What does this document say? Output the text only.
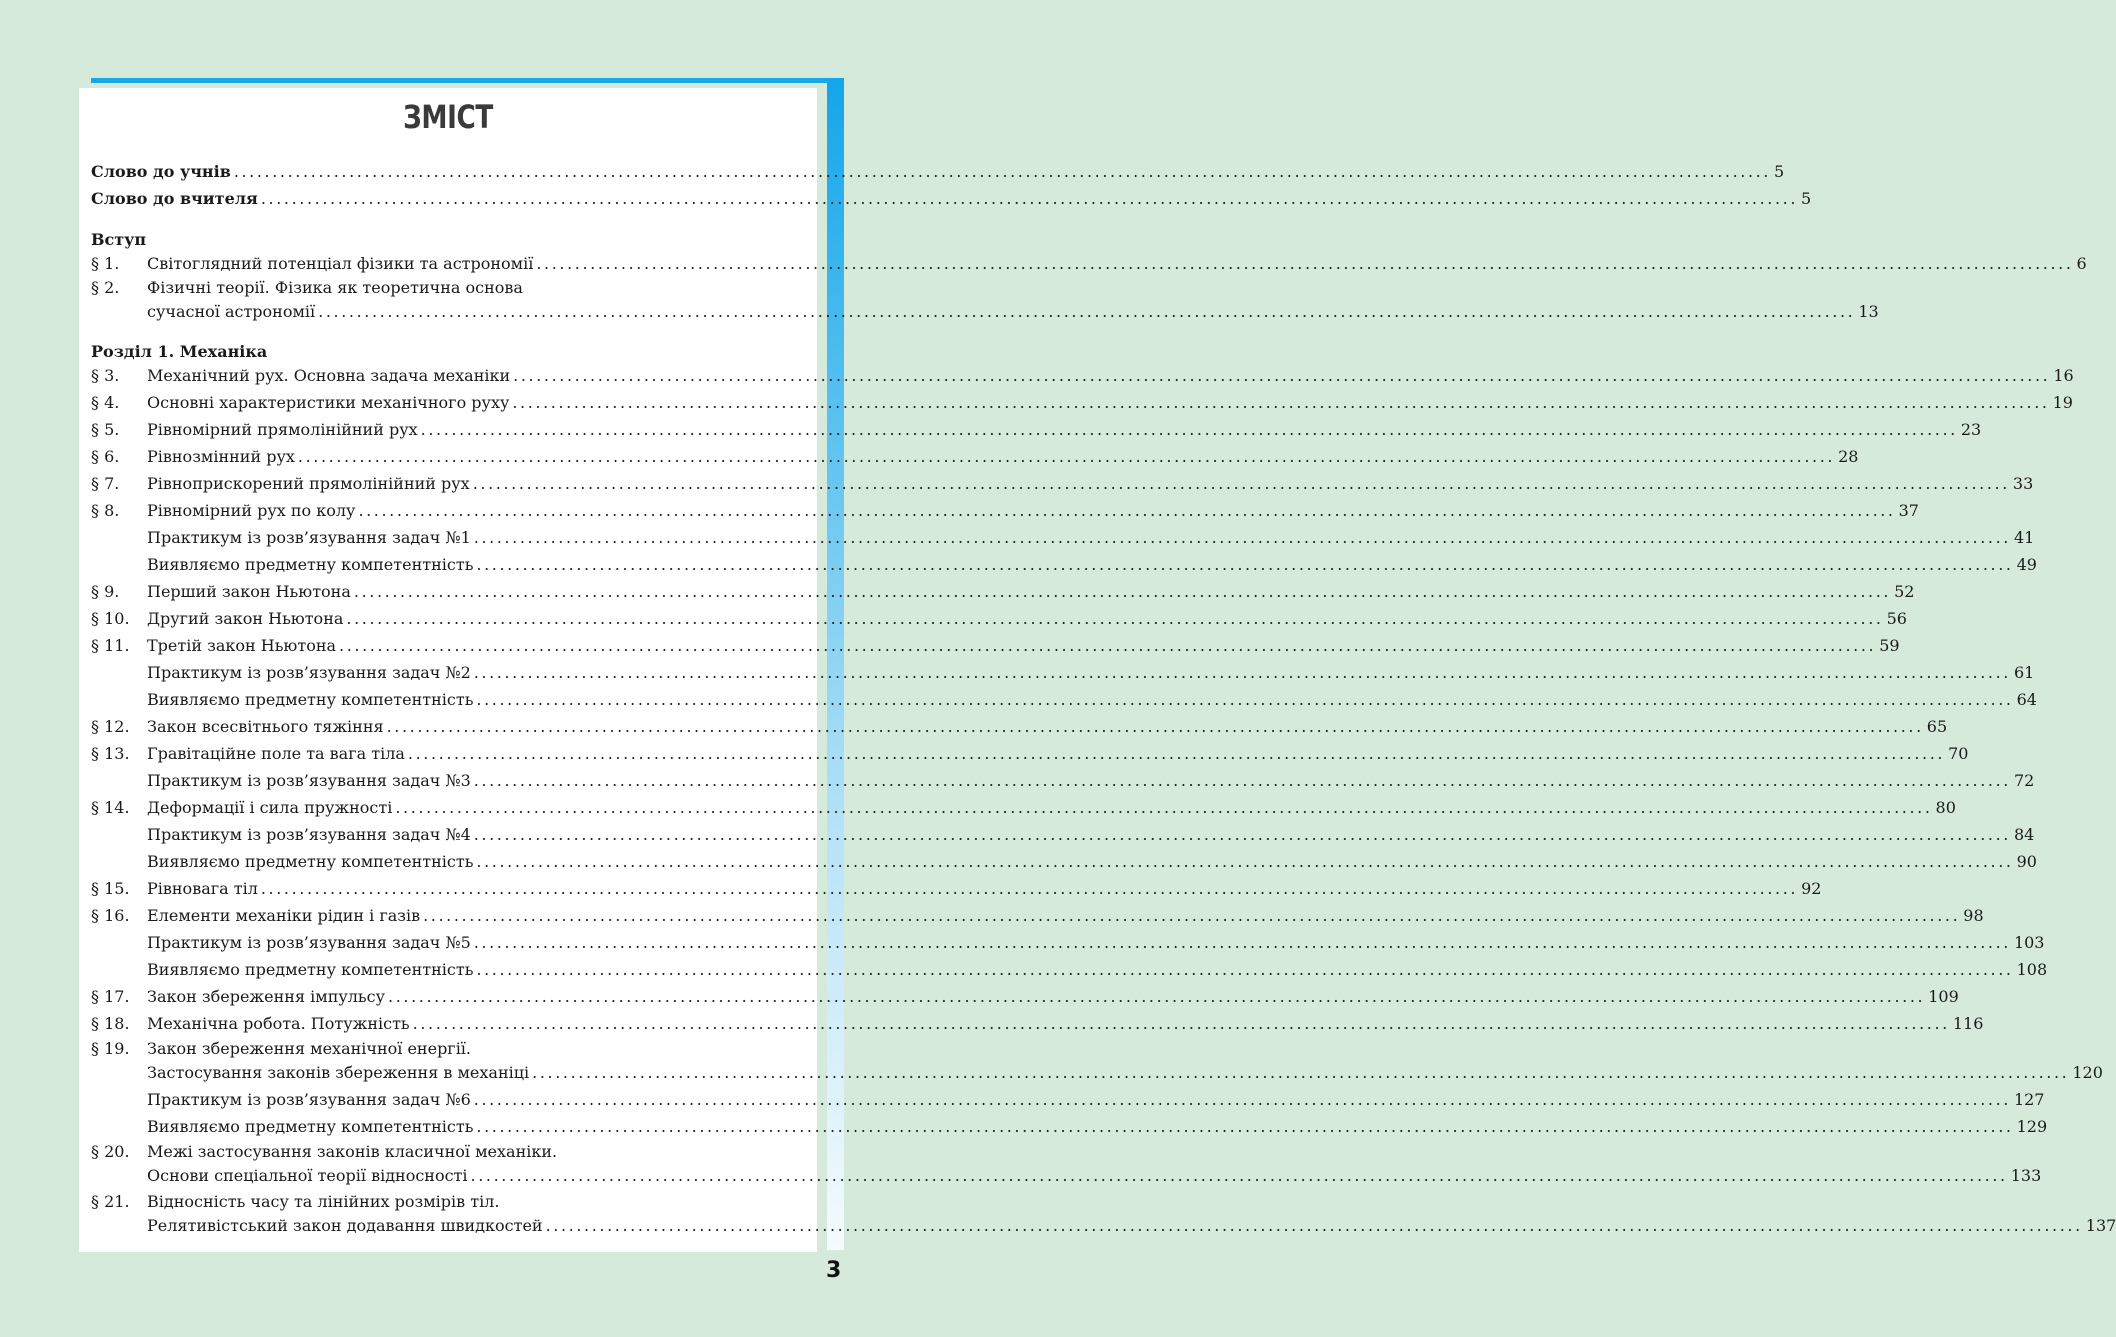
ЗМІСТ
Слово до учнів ........................................................................................................................................................................................................ 5
Слово до вчителя ........................................................................................................................................................................................................ 5
Вступ
§ 1.	Світоглядний потенціал фізики та астрономії ........................................................................................................................................................................................................ 6
§ 2.	Фізичні теорії. Фізика як теоретична основа
сучасної астрономії ........................................................................................................................................................................................................ 13
Розділ 1. Механіка
§ 3.	Механічний рух. Основна задача механіки ........................................................................................................................................................................................................ 16
§ 4.	Основні характеристики механічного руху ........................................................................................................................................................................................................ 19
§ 5.	Рівномірний прямолінійний рух ........................................................................................................................................................................................................ 23
§ 6.	Рівнозмінний рух ........................................................................................................................................................................................................ 28
§ 7.	Рівноприскорений прямолінійний рух ........................................................................................................................................................................................................ 33
§ 8.	Рівномірний рух по колу ........................................................................................................................................................................................................ 37
Практикум із розв’язування задач №1 ........................................................................................................................................................................................................ 41
Виявляємо предметну компетентність ........................................................................................................................................................................................................ 49
§ 9.	Перший закон Ньютона ........................................................................................................................................................................................................ 52
§ 10.	Другий закон Ньютона ........................................................................................................................................................................................................ 56
§ 11.	Третій закон Ньютона ........................................................................................................................................................................................................ 59
Практикум із розв’язування задач №2 ........................................................................................................................................................................................................ 61
Виявляємо предметну компетентність ........................................................................................................................................................................................................ 64
§ 12.	Закон всесвітнього тяжіння ........................................................................................................................................................................................................ 65
§ 13.	Гравітаційне поле та вага тіла ........................................................................................................................................................................................................ 70
Практикум із розв’язування задач №3 ........................................................................................................................................................................................................ 72
§ 14.	Деформації і сила пружності ........................................................................................................................................................................................................ 80
Практикум із розв’язування задач №4 ........................................................................................................................................................................................................ 84
Виявляємо предметну компетентність ........................................................................................................................................................................................................ 90
§ 15.	Рівновага тіл ........................................................................................................................................................................................................ 92
§ 16.	Елементи механіки рідин і газів ........................................................................................................................................................................................................ 98
Практикум із розв’язування задач №5 ........................................................................................................................................................................................................ 103
Виявляємо предметну компетентність ........................................................................................................................................................................................................ 108
§ 17.	Закон збереження імпульсу ........................................................................................................................................................................................................ 109
§ 18.	Механічна робота. Потужність ........................................................................................................................................................................................................ 116
§ 19.	Закон збереження механічної енергії.
Застосування законів збереження в механіці ........................................................................................................................................................................................................ 120
Практикум із розв’язування задач №6 ........................................................................................................................................................................................................ 127
Виявляємо предметну компетентність ........................................................................................................................................................................................................ 129
§ 20.	Межі застосування законів класичної механіки.
Основи спеціальної теорії відносності ........................................................................................................................................................................................................ 133
§ 21.	Відносність часу та лінійних розмірів тіл.
Релятивістський закон додавання швидкостей ........................................................................................................................................................................................................ 137
3
